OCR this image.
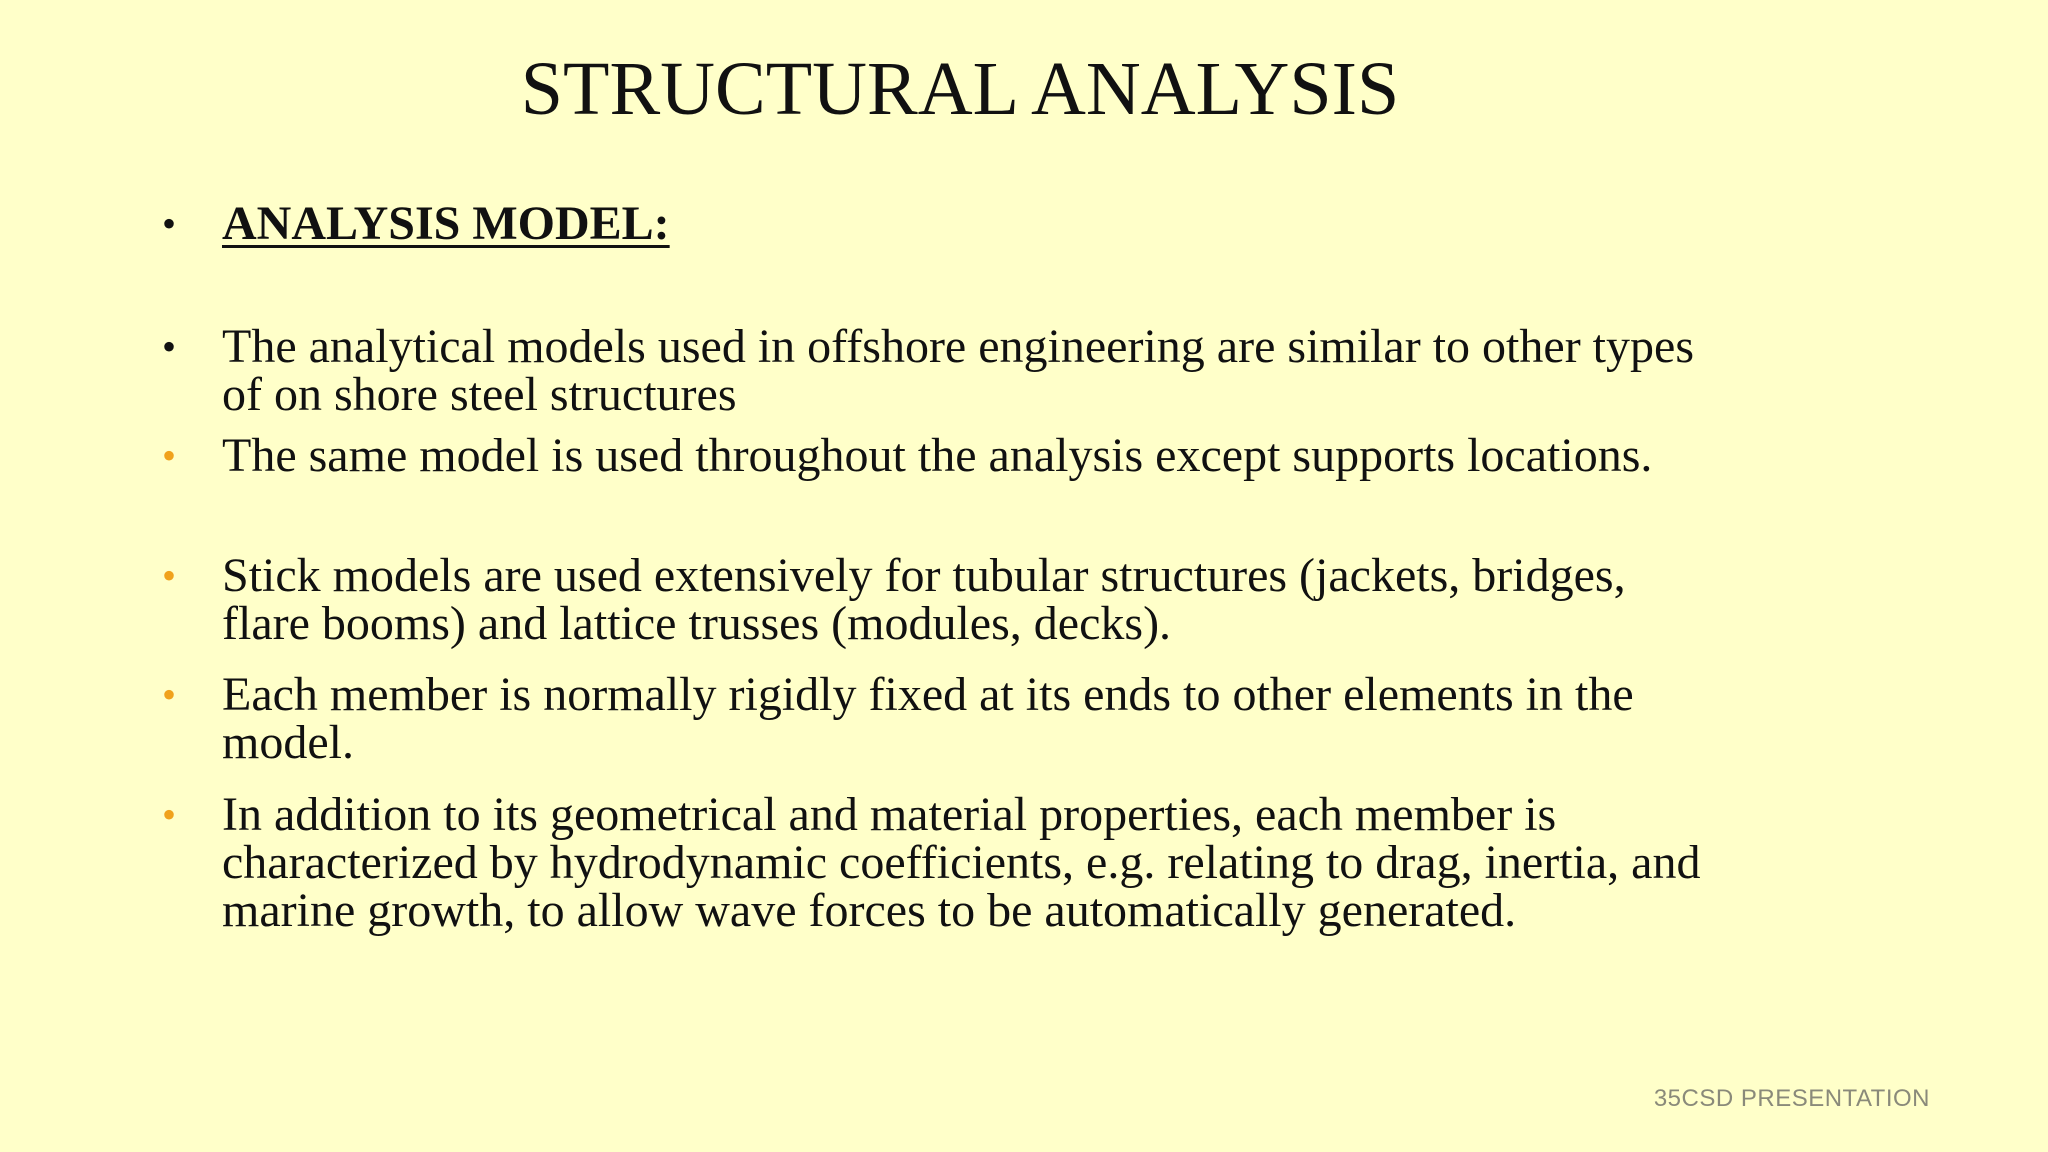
STRUCTURAL ANALYSIS
• ANALYSIS MODEL:
• The analytical models used in offshore engineering are similar to other types of on shore steel structures
• The same model is used throughout the analysis except supports locations.
• Stick models are used extensively for tubular structures (jackets, bridges, flare booms) and lattice trusses (modules, decks).
• Each member is normally rigidly fixed at its ends to other elements in the model.
• In addition to its geometrical and material properties, each member is characterized by hydrodynamic coefficients, e.g. relating to drag, inertia, and marine growth, to allow wave forces to be automatically generated.
35CSD PRESENTATION
